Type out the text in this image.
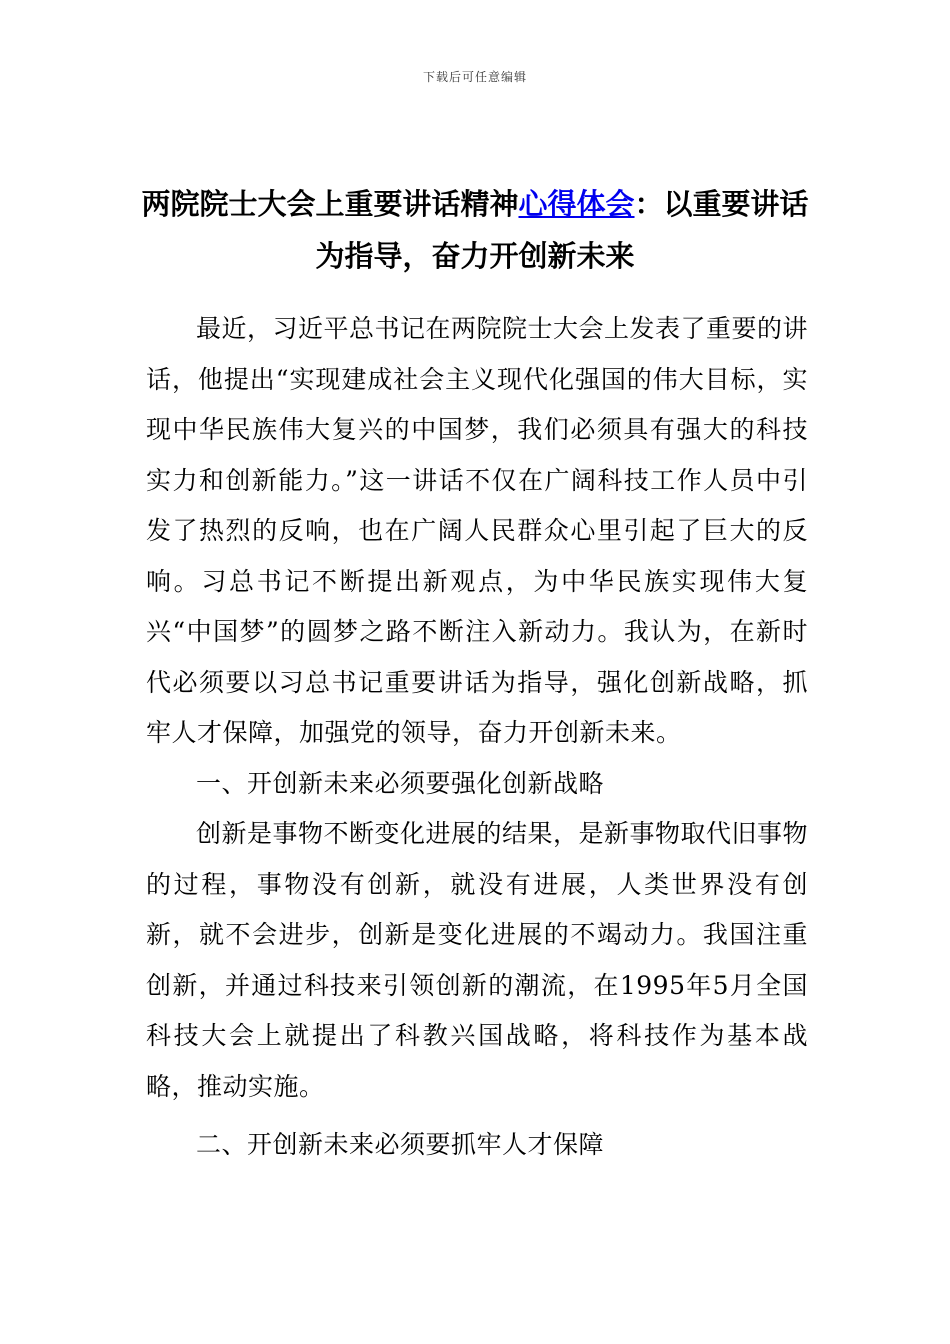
下载后可任意编辑
两院院士大会上重要讲话精神心得体会：以重要讲话为指导，奋力开创新未来

最近，习近平总书记在两院院士大会上发表了重要的讲话，他提出“实现建成社会主义现代化强国的伟大目标，实现中华民族伟大复兴的中国梦，我们必须具有强大的科技实力和创新能力。”这一讲话不仅在广阔科技工作人员中引发了热烈的反响，也在广阔人民群众心里引起了巨大的反响。习总书记不断提出新观点，为中华民族实现伟大复兴“中国梦”的圆梦之路不断注入新动力。我认为，在新时代必须要以习总书记重要讲话为指导，强化创新战略，抓牢人才保障，加强党的领导，奋力开创新未来。

一、开创新未来必须要强化创新战略

创新是事物不断变化进展的结果，是新事物取代旧事物的过程，事物没有创新，就没有进展，人类世界没有创新，就不会进步，创新是变化进展的不竭动力。我国注重创新，并通过科技来引领创新的潮流，在1995年5月全国科技大会上就提出了科教兴国战略，将科技作为基本战略，推动实施。

二、开创新未来必须要抓牢人才保障
